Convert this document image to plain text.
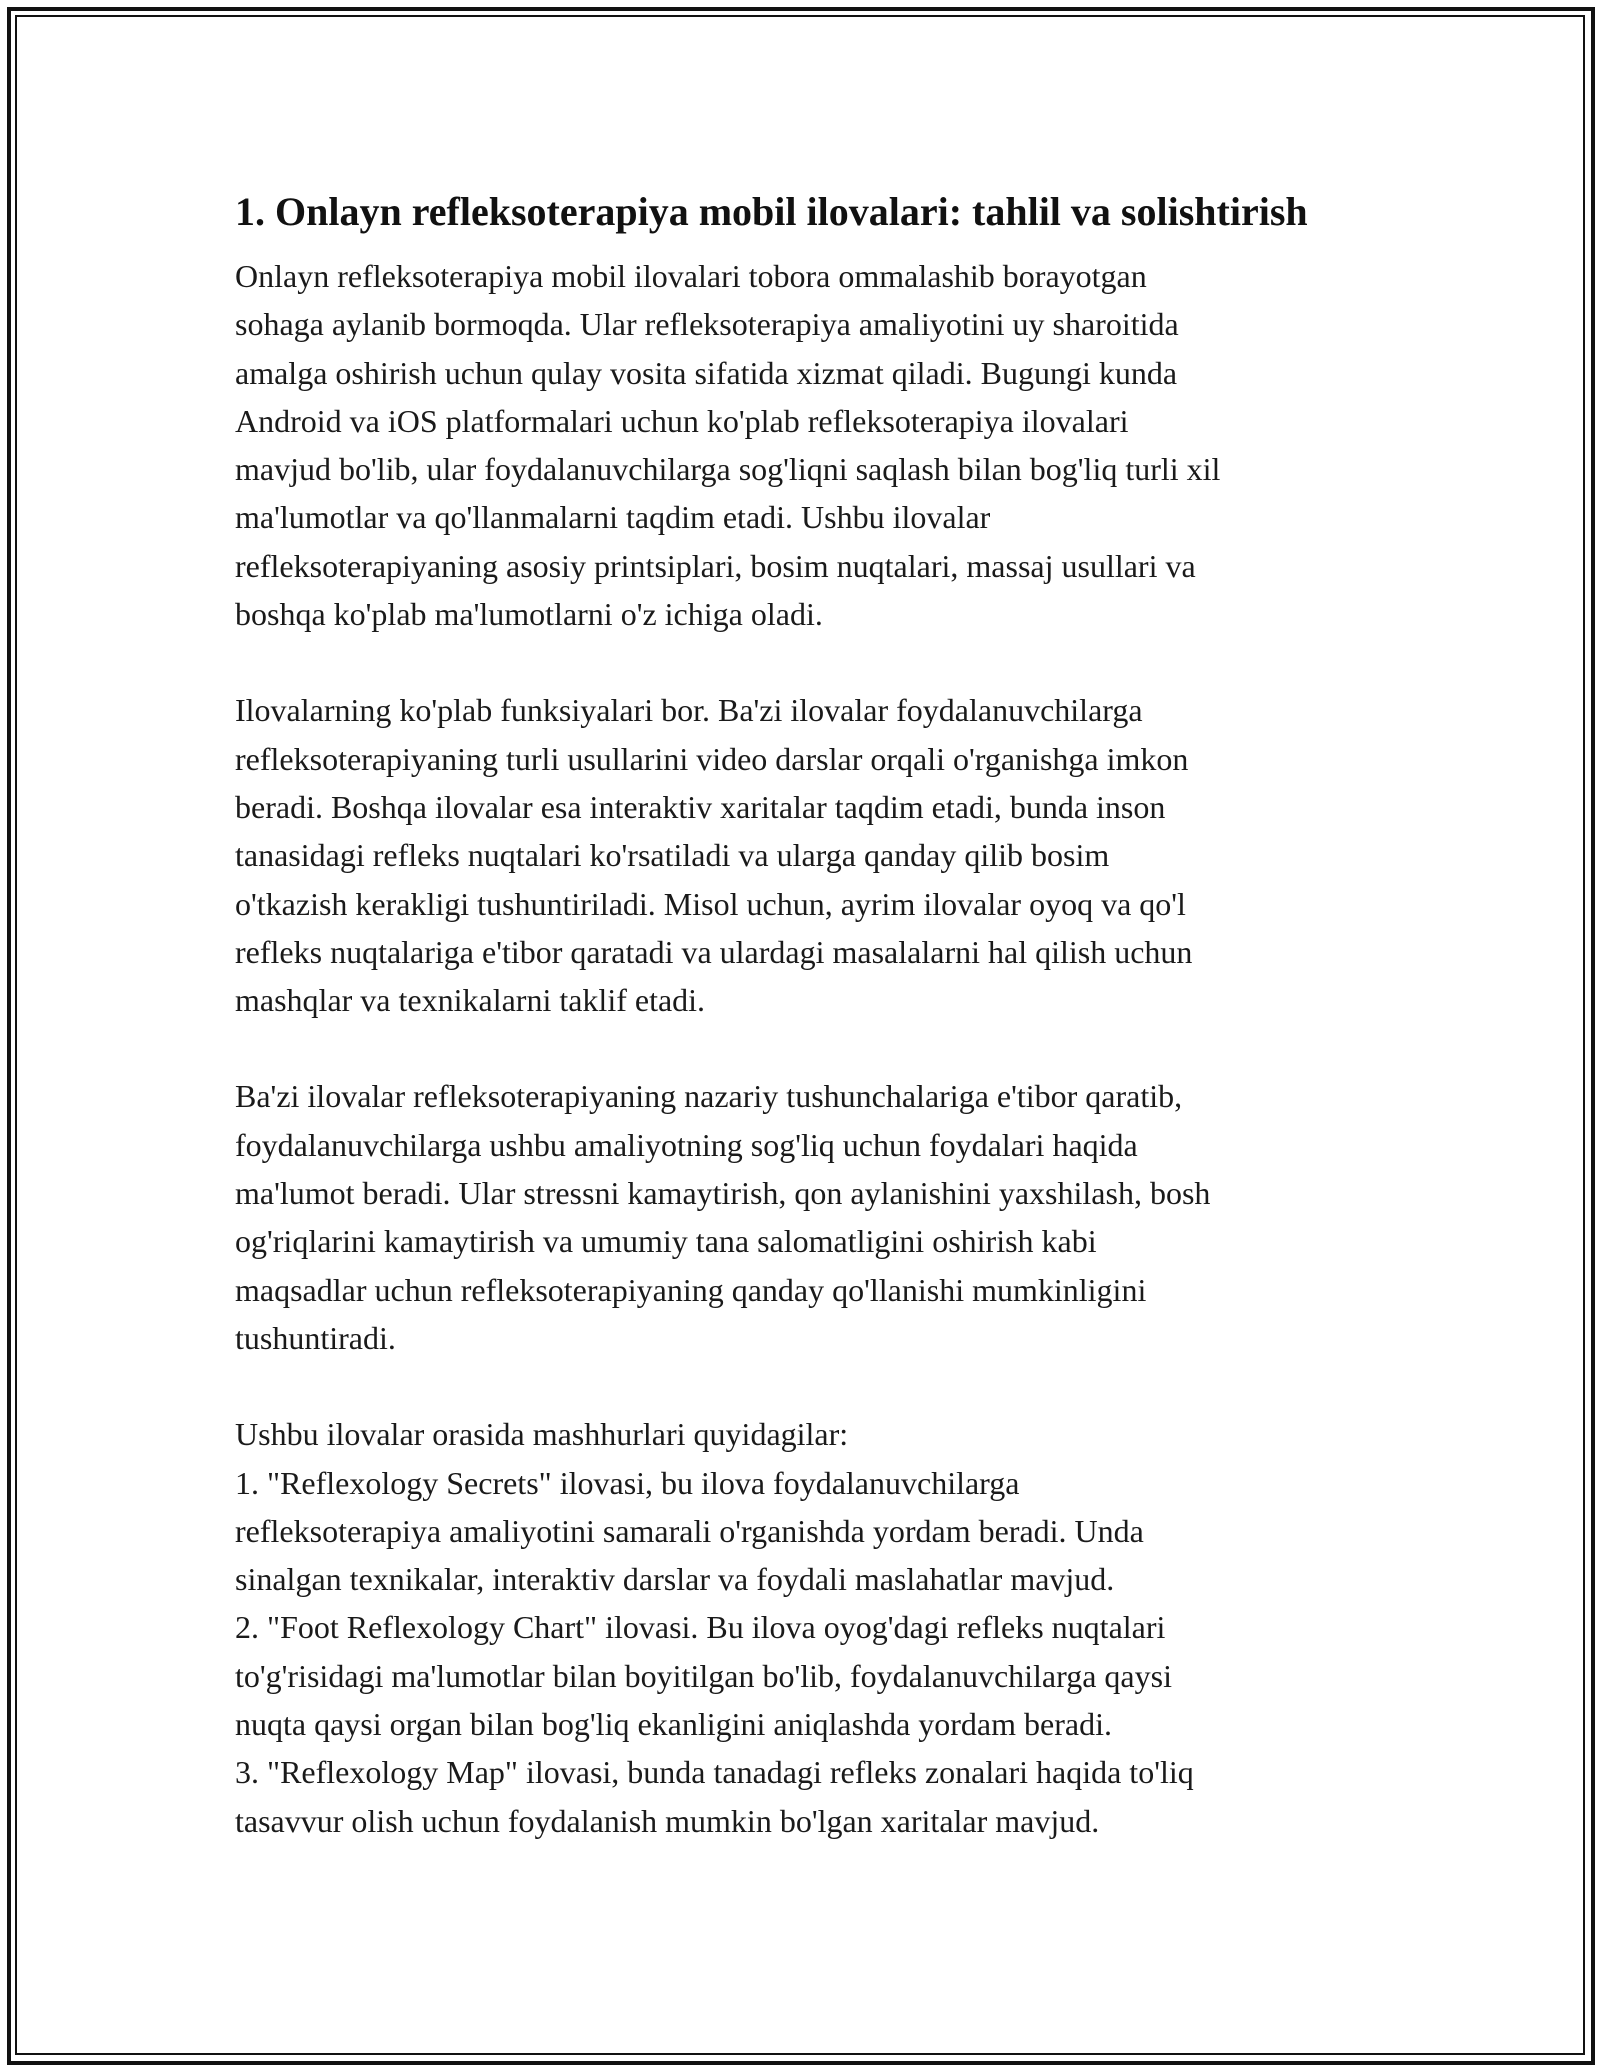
1. Onlayn refleksoterapiya mobil ilovalari: tahlil va solishtirish
Onlayn refleksoterapiya mobil ilovalari tobora ommalashib borayotgan
sohaga aylanib bormoqda. Ular refleksoterapiya amaliyotini uy sharoitida
amalga oshirish uchun qulay vosita sifatida xizmat qiladi. Bugungi kunda
Android va iOS platformalari uchun ko'plab refleksoterapiya ilovalari
mavjud bo'lib, ular foydalanuvchilarga sog'liqni saqlash bilan bog'liq turli xil
ma'lumotlar va qo'llanmalarni taqdim etadi. Ushbu ilovalar
refleksoterapiyaning asosiy printsiplari, bosim nuqtalari, massaj usullari va
boshqa ko'plab ma'lumotlarni o'z ichiga oladi.
Ilovalarning ko'plab funksiyalari bor. Ba'zi ilovalar foydalanuvchilarga
refleksoterapiyaning turli usullarini video darslar orqali o'rganishga imkon
beradi. Boshqa ilovalar esa interaktiv xaritalar taqdim etadi, bunda inson
tanasidagi refleks nuqtalari ko'rsatiladi va ularga qanday qilib bosim
o'tkazish kerakligi tushuntiriladi. Misol uchun, ayrim ilovalar oyoq va qo'l
refleks nuqtalariga e'tibor qaratadi va ulardagi masalalarni hal qilish uchun
mashqlar va texnikalarni taklif etadi.
Ba'zi ilovalar refleksoterapiyaning nazariy tushunchalariga e'tibor qaratib,
foydalanuvchilarga ushbu amaliyotning sog'liq uchun foydalari haqida
ma'lumot beradi. Ular stressni kamaytirish, qon aylanishini yaxshilash, bosh
og'riqlarini kamaytirish va umumiy tana salomatligini oshirish kabi
maqsadlar uchun refleksoterapiyaning qanday qo'llanishi mumkinligini
tushuntiradi.
Ushbu ilovalar orasida mashhurlari quyidagilar:
1. "Reflexology Secrets" ilovasi, bu ilova foydalanuvchilarga
refleksoterapiya amaliyotini samarali o'rganishda yordam beradi. Unda
sinalgan texnikalar, interaktiv darslar va foydali maslahatlar mavjud.
2. "Foot Reflexology Chart" ilovasi. Bu ilova oyog'dagi refleks nuqtalari
to'g'risidagi ma'lumotlar bilan boyitilgan bo'lib, foydalanuvchilarga qaysi
nuqta qaysi organ bilan bog'liq ekanligini aniqlashda yordam beradi.
3. "Reflexology Map" ilovasi, bunda tanadagi refleks zonalari haqida to'liq
tasavvur olish uchun foydalanish mumkin bo'lgan xaritalar mavjud.
